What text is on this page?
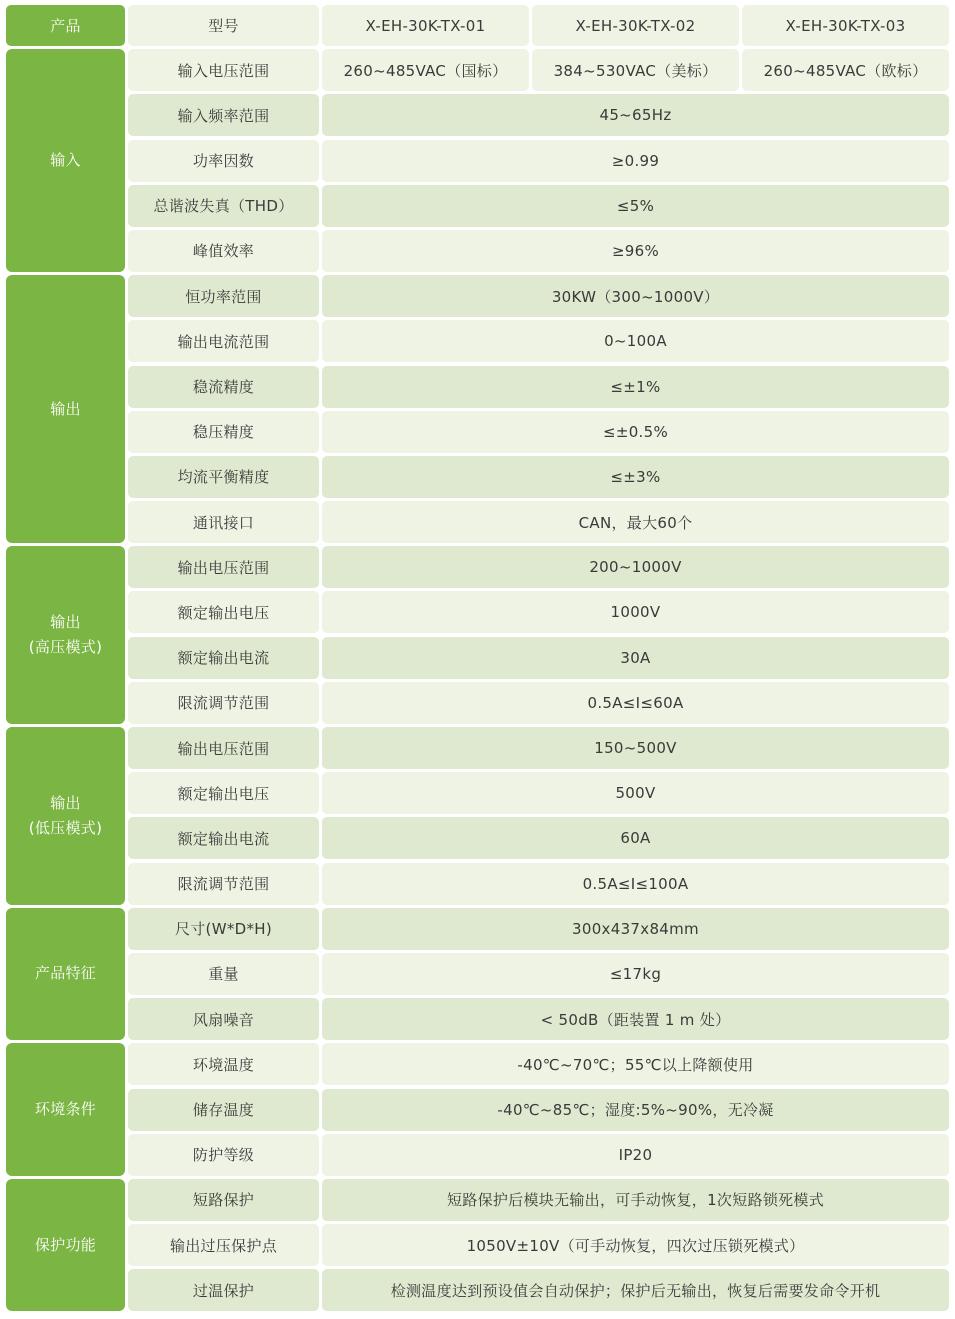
产品	型号	X-EH-30K-TX-01	X-EH-30K-TX-02	X-EH-30K-TX-03
输入
输入电压范围	260~485VAC（国标）	384~530VAC（美标）	260~485VAC（欧标）
输入频率范围	45~65Hz
功率因数	≥0.99
总谐波失真（THD）	≤5%
峰值效率	≥96%
输出
恒功率范围	30KW（300~1000V）
输出电流范围	0~100A
稳流精度	≤±1%
稳压精度	≤±0.5%
均流平衡精度	≤±3%
通讯接口	CAN，最大60个
输出
(高压模式)
输出电压范围	200~1000V
额定输出电压	1000V
额定输出电流	30A
限流调节范围	0.5A≤I≤60A
输出
(低压模式)
输出电压范围	150~500V
额定输出电压	500V
额定输出电流	60A
限流调节范围	0.5A≤I≤100A
产品特征
尺寸(W*D*H)	300x437x84mm
重量	≤17kg
风扇噪音	< 50dB（距装置 1 m 处）
环境条件
环境温度	-40℃~70℃；55℃以上降额使用
储存温度	-40℃~85℃；湿度:5%~90%，无冷凝
防护等级	IP20
保护功能
短路保护	短路保护后模块无输出，可手动恢复，1次短路锁死模式
输出过压保护点	1050V±10V（可手动恢复，四次过压锁死模式）
过温保护	检测温度达到预设值会自动保护；保护后无输出，恢复后需要发命令开机
